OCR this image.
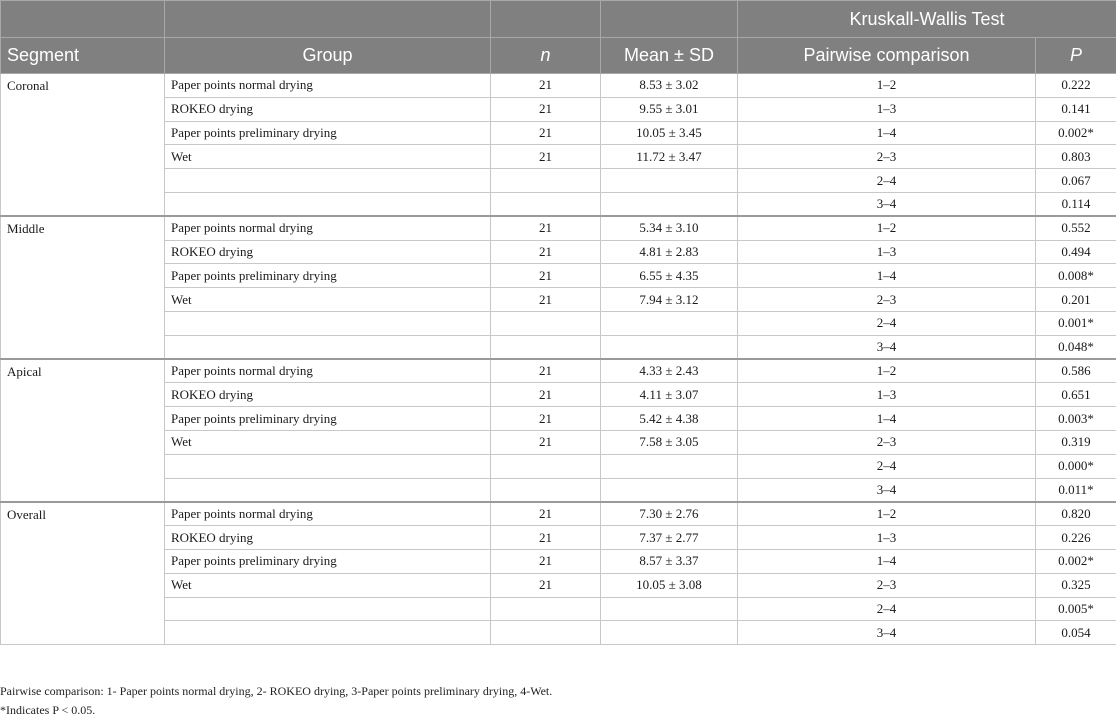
				Kruskall-Wallis Test	
Segment	Group	n	Mean ± SD	Pairwise comparison	P
Coronal	Paper points normal drying	21	8.53 ± 3.02	1–2	0.222
	ROKEO drying	21	9.55 ± 3.01	1–3	0.141
	Paper points preliminary drying	21	10.05 ± 3.45	1–4	0.002*
	Wet	21	11.72 ± 3.47	2–3	0.803
				2–4	0.067
				3–4	0.114
Middle	Paper points normal drying	21	5.34 ± 3.10	1–2	0.552
	ROKEO drying	21	4.81 ± 2.83	1–3	0.494
	Paper points preliminary drying	21	6.55 ± 4.35	1–4	0.008*
	Wet	21	7.94 ± 3.12	2–3	0.201
				2–4	0.001*
				3–4	0.048*
Apical	Paper points normal drying	21	4.33 ± 2.43	1–2	0.586
	ROKEO drying	21	4.11 ± 3.07	1–3	0.651
	Paper points preliminary drying	21	5.42 ± 4.38	1–4	0.003*
	Wet	21	7.58 ± 3.05	2–3	0.319
				2–4	0.000*
				3–4	0.011*
Overall	Paper points normal drying	21	7.30 ± 2.76	1–2	0.820
	ROKEO drying	21	7.37 ± 2.77	1–3	0.226
	Paper points preliminary drying	21	8.57 ± 3.37	1–4	0.002*
	Wet	21	10.05 ± 3.08	2–3	0.325
				2–4	0.005*
				3–4	0.054
Pairwise comparison: 1- Paper points normal drying, 2- ROKEO drying, 3-Paper points preliminary drying, 4-Wet.
*Indicates P < 0.05.
